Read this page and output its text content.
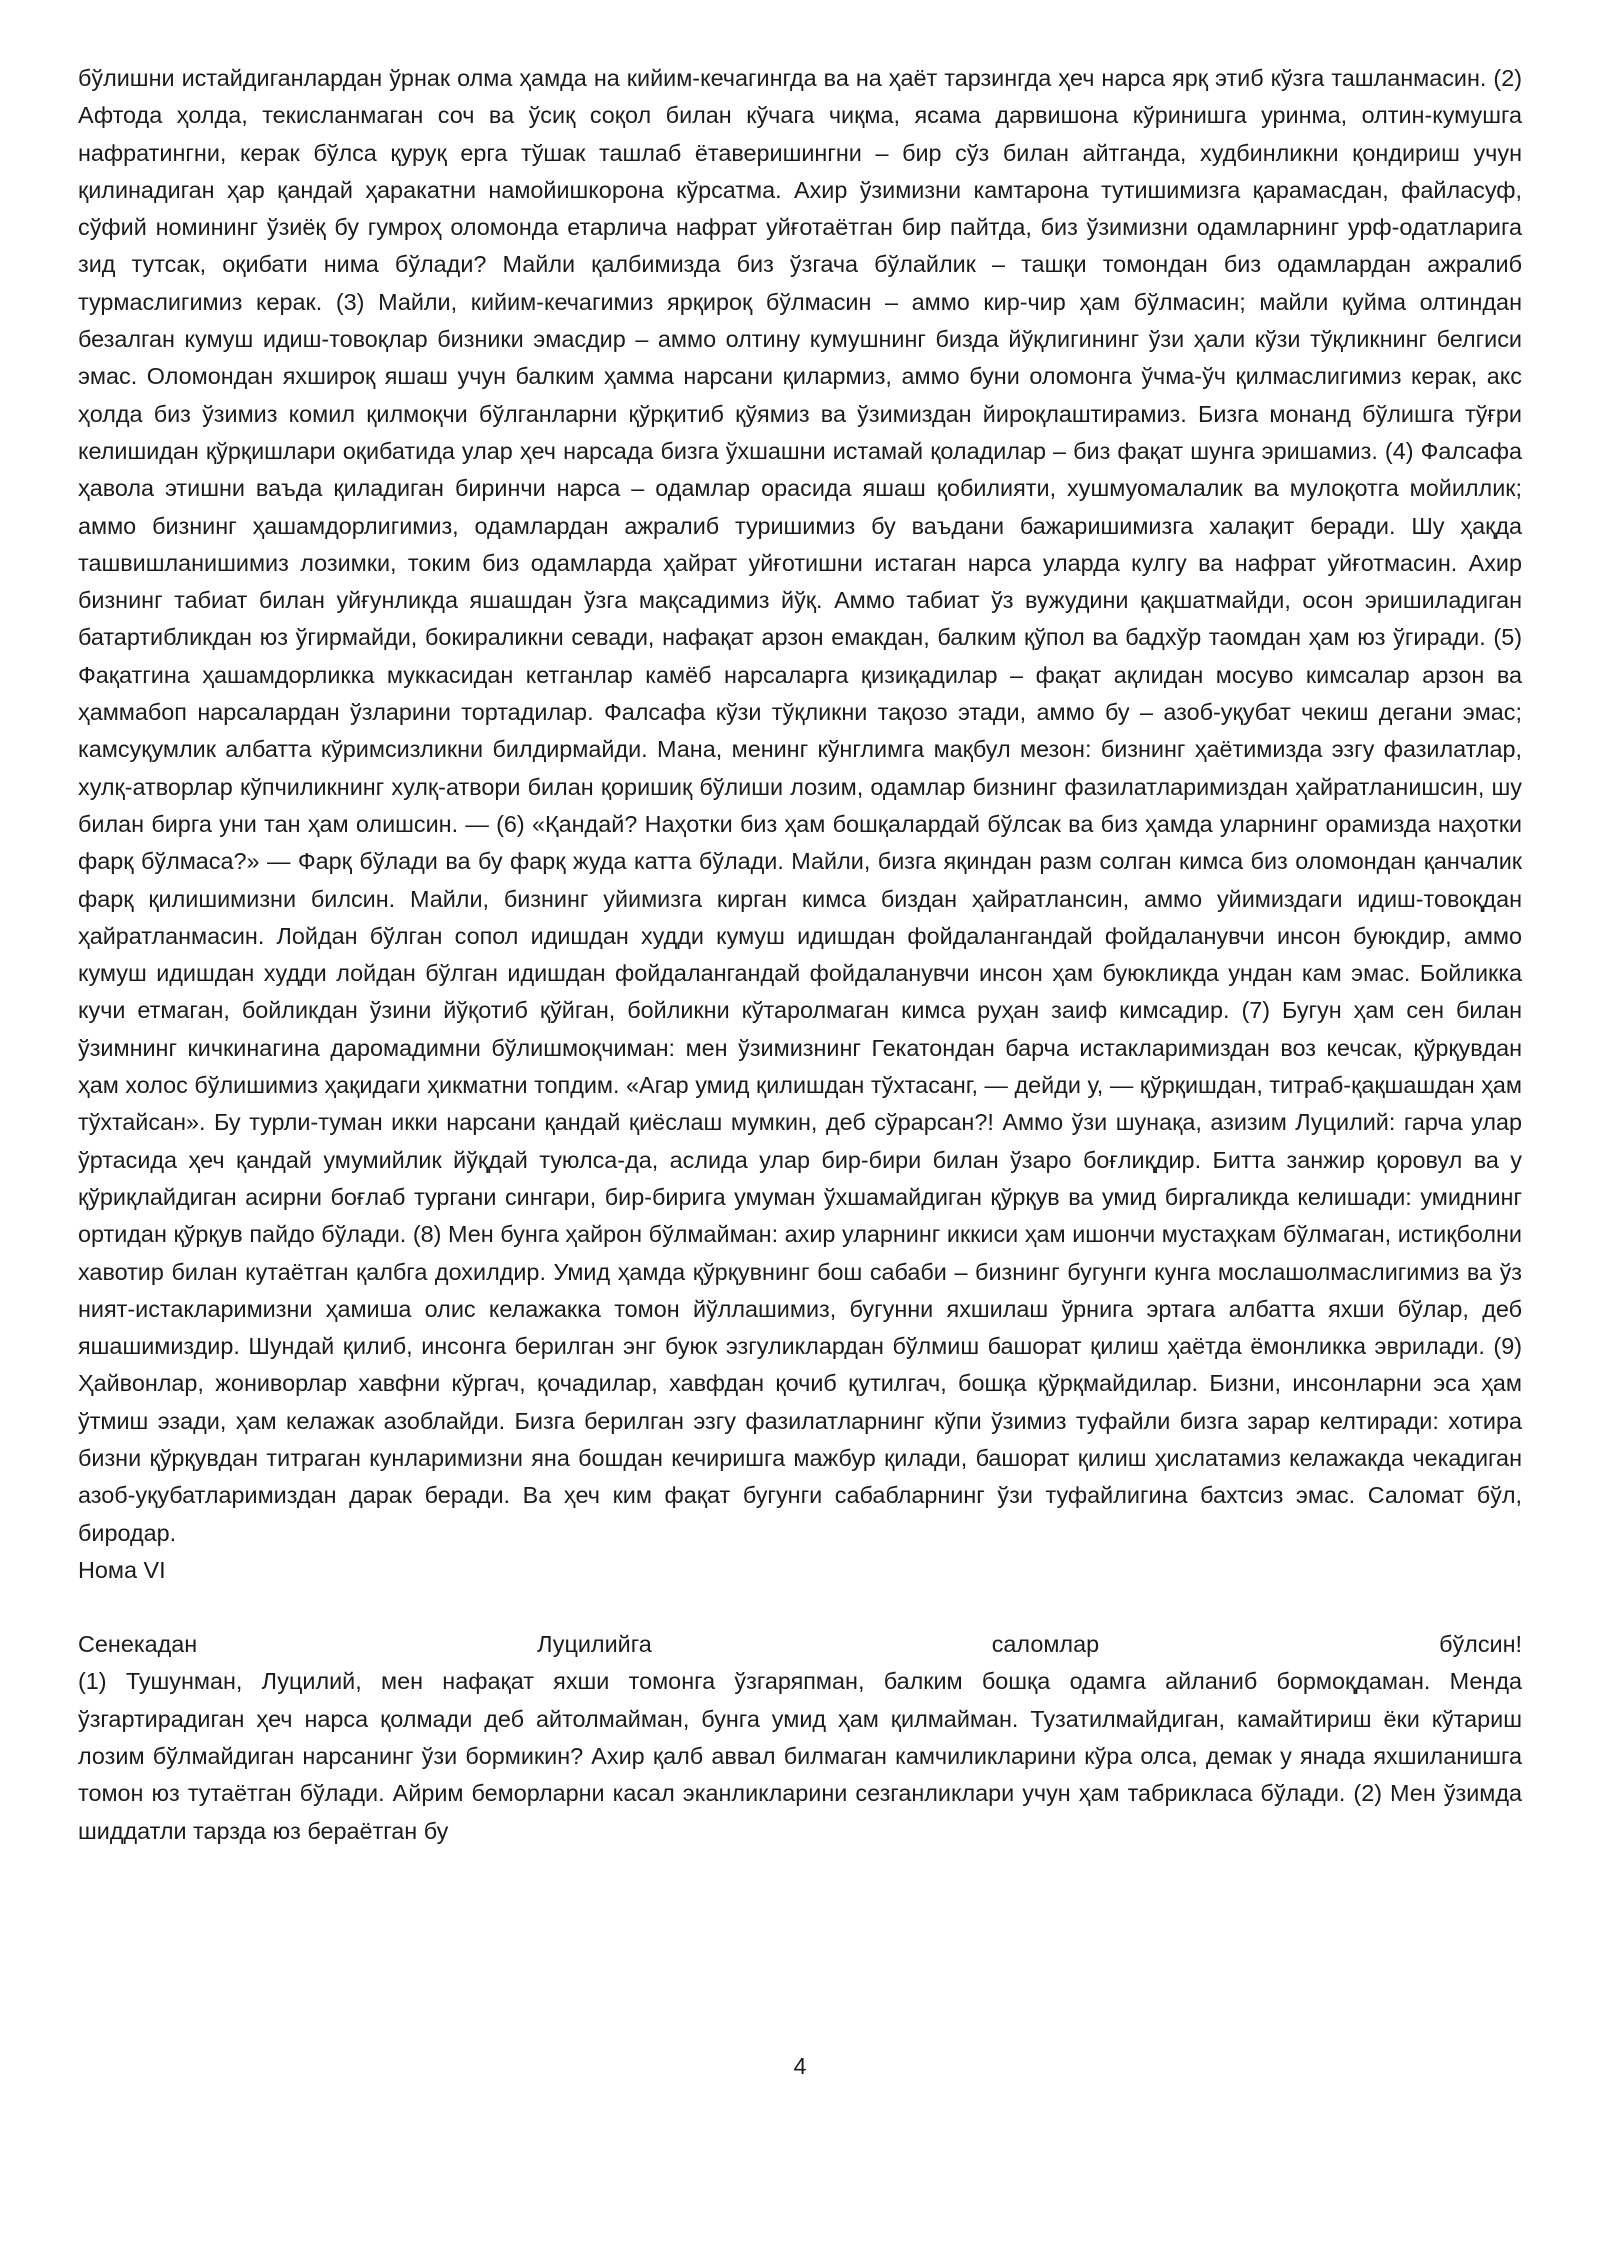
бўлишни истайдиганлардан ўрнак олма ҳамда на кийим-кечагингда ва на ҳаёт тарзингда ҳеч нарса ярқ этиб кўзга ташланмасин. (2) Афтода ҳолда, текисланмаган соч ва ўсиқ соқол билан кўчага чиқма, ясама дарвишона кўринишга уринма, олтин-кумушга нафратингни, керак бўлса қуруқ ерга тўшак ташлаб ётаверишингни – бир сўз билан айтганда, худбинликни қондириш учун қилинадиган ҳар қандай ҳаракатни намойишкорона кўрсатма. Ахир ўзимизни камтарона тутишимизга қарамасдан, файласуф, сўфий номининг ўзиёқ бу гумроҳ оломонда етарлича нафрат уйғотаётган бир пайтда, биз ўзимизни одамларнинг урф-одатларига зид тутсак, оқибати нима бўлади? Майли қалбимизда биз ўзгача бўлайлик – ташқи томондан биз одамлардан ажралиб турмаслигимиз керак. (3) Майли, кийим-кечагимиз ярқироқ бўлмасин – аммо кир-чир ҳам бўлмасин; майли қуйма олтиндан безалган кумуш идиш-товоқлар бизники эмасдир – аммо олтину кумушнинг бизда йўқлигининг ўзи ҳали кўзи тўқликнинг белгиси эмас. Оломондан яхшироқ яшаш учун балким ҳамма нарсани қилармиз, аммо буни оломонга ўчма-ўч қилмаслигимиз керак, акс ҳолда биз ўзимиз комил қилмоқчи бўлганларни қўрқитиб қўямиз ва ўзимиздан йироқлаштирамиз. Бизга монанд бўлишга тўғри келишидан қўрқишлари оқибатида улар ҳеч нарсада бизга ўхшашни истамай қоладилар – биз фақат шунга эришамиз. (4) Фалсафа ҳавола этишни ваъда қиладиган биринчи нарса – одамлар орасида яшаш қобилияти, хушмуомалалик ва мулоқотга мойиллик; аммо бизнинг ҳашамдорлигимиз, одамлардан ажралиб туришимиз бу ваъдани бажаришимизга халақит беради. Шу ҳақда ташвишланишимиз лозимки, токим биз одамларда ҳайрат уйғотишни истаган нарса уларда кулгу ва нафрат уйғотмасин. Ахир бизнинг табиат билан уйғунликда яшашдан ўзга мақсадимиз йўқ. Аммо табиат ўз вужудини қақшатмайди, осон эришиладиган батартибликдан юз ўгирмайди, бокираликни севади, нафақат арзон емакдан, балким қўпол ва бадхўр таомдан ҳам юз ўгиради. (5) Фақатгина ҳашамдорликка муккасидан кетганлар камёб нарсаларга қизиқадилар – фақат ақлидан мосуво кимсалар арзон ва ҳаммабоп нарсалардан ўзларини тортадилар. Фалсафа кўзи тўқликни тақозо этади, аммо бу – азоб-уқубат чекиш дегани эмас; камсуқумлик албатта кўримсизликни билдирмайди. Мана, менинг кўнглимга мақбул мезон: бизнинг ҳаётимизда эзгу фазилатлар, хулқ-атворлар кўпчиликнинг хулқ-атвори билан қоришиқ бўлиши лозим, одамлар бизнинг фазилатларимиздан ҳайратланишсин, шу билан бирга уни тан ҳам олишсин. — (6) «Қандай? Наҳотки биз ҳам бошқалардай бўлсак ва биз ҳамда уларнинг орамизда наҳотки фарқ бўлмаса?» — Фарқ бўлади ва бу фарқ жуда катта бўлади. Майли, бизга яқиндан разм солган кимса биз оломондан қанчалик фарқ қилишимизни билсин. Майли, бизнинг уйимизга кирган кимса биздан ҳайратлансин, аммо уйимиздаги идиш-товоқдан ҳайратланмасин. Лойдан бўлган сопол идишдан худди кумуш идишдан фойдалангандай фойдаланувчи инсон буюкдир, аммо кумуш идишдан худди лойдан бўлган идишдан фойдалангандай фойдаланувчи инсон ҳам буюкликда ундан кам эмас. Бойликка кучи етмаган, бойликдан ўзини йўқотиб қўйган, бойликни кўтаролмаган кимса руҳан заиф кимсадир. (7) Бугун ҳам сен билан ўзимнинг кичкинагина даромадимни бўлишмоқчиман: мен ўзимизнинг Гекатондан барча истакларимиздан воз кечсак, қўрқувдан ҳам холос бўлишимиз ҳақидаги ҳикматни топдим. «Агар умид қилишдан тўхтасанг, — дейди у, — қўрқишдан, титраб-қақшашдан ҳам тўхтайсан». Бу турли-туман икки нарсани қандай қиёслаш мумкин, деб сўрарсан?! Аммо ўзи шунақа, азизим Луцилий: гарча улар ўртасида ҳеч қандай умумийлик йўқдай туюлса-да, аслида улар бир-бири билан ўзаро боғлиқдир. Битта занжир қоровул ва у қўриқлайдиган асирни боғлаб тургани сингари, бир-бирига умуман ўхшамайдиган қўрқув ва умид биргаликда келишади: умиднинг ортидан қўрқув пайдо бўлади. (8) Мен бунга ҳайрон бўлмайман: ахир уларнинг иккиси ҳам ишончи мустаҳкам бўлмаган, истиқболни хавотир билан кутаётган қалбга дохилдир. Умид ҳамда қўрқувнинг бош сабаби – бизнинг бугунги кунга мослашолмаслигимиз ва ўз ният-истакларимизни ҳамиша олис келажакка томон йўллашимиз, бугунни яхшилаш ўрнига эртага албатта яхши бўлар, деб яшашимиздир. Шундай қилиб, инсонга берилган энг буюк эзгуликлардан бўлмиш башорат қилиш ҳаётда ёмонликка эврилади. (9) Ҳайвонлар, жониворлар хавфни кўргач, қочадилар, хавфдан қочиб қутилгач, бошқа қўрқмайдилар. Бизни, инсонларни эса ҳам ўтмиш эзади, ҳам келажак азоблайди. Бизга берилган эзгу фазилатларнинг кўпи ўзимиз туфайли бизга зарар келтиради: хотира бизни қўрқувдан титраган кунларимизни яна бошдан кечиришга мажбур қилади, башорат қилиш ҳислатамиз келажакда чекадиган азоб-уқубатларимиздан дарак беради. Ва ҳеч ким фақат бугунги сабабларнинг ўзи туфайлигина бахтсиз эмас. Саломат бўл, биродар.

Нома VI

Сенекадан	Луцилийга	саломлар	бўлсин!

(1) Тушунман, Луцилий, мен нафақат яхши томонга ўзгаряпман, балким бошқа одамга айланиб бормоқдаман. Менда ўзгартирадиган ҳеч нарса қолмади деб айтолмайман, бунга умид ҳам қилмайман. Тузатилмайдиган, камайтириш ёки кўтариш лозим бўлмайдиган нарсанинг ўзи бормикин? Ахир қалб аввал билмаган камчиликларини кўра олса, демак у янада яхшиланишга томон юз тутаётган бўлади. Айрим беморларни касал эканликларини сезганликлари учун ҳам табрикласа бўлади. (2) Мен ўзимда шиддатли тарзда юз бераётган бу

4
